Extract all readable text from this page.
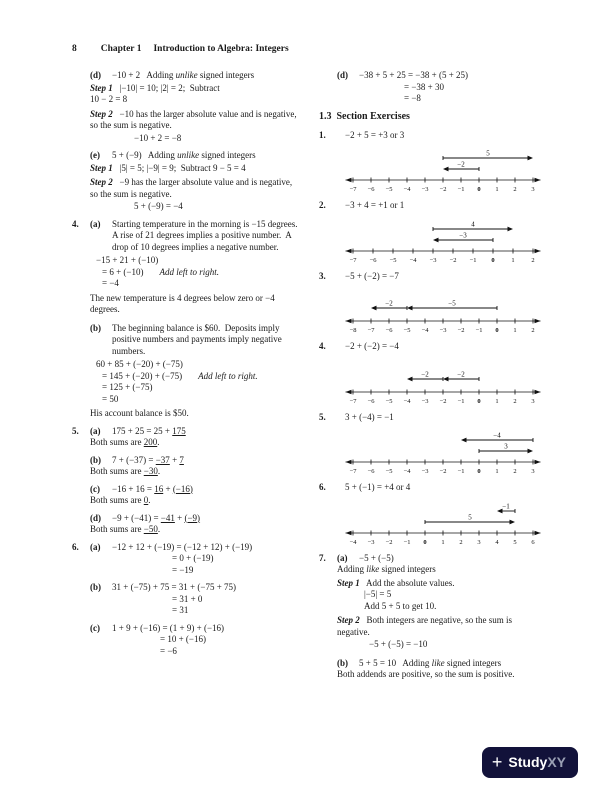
8	Chapter 1 Introduction to Algebra: Integers
(d)	−10 + 2   Adding unlike signed integers
Step 1   |−10| = 10; |2| = 2;  Subtract
10 − 2 = 8
Step 2   −10 has the larger absolute value and is negative, so the sum is negative.
−10 + 2 = −8
(e)	5 + (−9)   Adding unlike signed integers
Step 1   |5| = 5; |−9| = 9;  Subtract 9 − 5 = 4
Step 2   −9 has the larger absolute value and is negative, so the sum is negative.
5 + (−9) = −4
4.	(a)	Starting temperature in the morning is −15 degrees.  A rise of 21 degrees implies a positive number.  A drop of 10 degrees implies a negative number.
−15 + 21 + (−10)
= 6 + (−10) Add left to right.
= −4
The new temperature is 4 degrees below zero or −4 degrees.
(b)	The beginning balance is $60.  Deposits imply positive numbers and payments imply negative numbers.
60 + 85 + (−20) + (−75)
= 145 + (−20) + (−75) Add left to right.
= 125 + (−75)
= 50
His account balance is $50.
5.	(a)	175 + 25 = 25 + 175
Both sums are 200.
(b)	7 + (−37) = −37 + 7
Both sums are −30.
(c)	−16 + 16 = 16 + (−16)
Both sums are 0.
(d)	−9 + (−41) = −41 + (−9)
Both sums are −50.
6.	(a)	−12 + 12 + (−19) = (−12 + 12) + (−19)
= 0 + (−19)
= −19
(b)	31 + (−75) + 75 = 31 + (−75 + 75)
= 31 + 0
= 31
(c)	1 + 9 + (−16) = (1 + 9) + (−16)
= 10 + (−16)
= −6
(d)	−38 + 5 + 25 = −38 + (5 + 25)
= −38 + 30
= −8
1.3  Section Exercises
1.	−2 + 5 = +3 or 3
−7 −6 −5 −4 −3 −2 −1 0 1 2 3
5
−2
2.	−3 + 4 = +1 or 1
−7 −6 −5 −4 −3 −2 −1 0	1	2
4
−3
3.	−5 + (−2) = −7
−8 −7 −6 −5 −4 −3 −2 −1 0 1 2
−2	−5
4.	−2 + (−2) = −4
−7 −6 −5 −4 −3 −2 −1 0 1 2 3
−2	−2
5.	3 + (−4) = −1
−7 −6 −5 −4 −3 −2 −1 0 1 2 3
−4
3
6.	5 + (−1) = +4 or 4
−4 −3 −2 −1 0 1 2 3 4 5 6
−1
5
7.	(a)	−5 + (−5)
Adding like signed integers
Step 1   Add the absolute values.
|−5| = 5
Add 5 + 5 to get 10.
Step 2   Both integers are negative, so the sum is negative.
−5 + (−5) = −10
(b)	5 + 5 = 10   Adding like signed integers
Both addends are positive, so the sum is positive.
+ Study XY
